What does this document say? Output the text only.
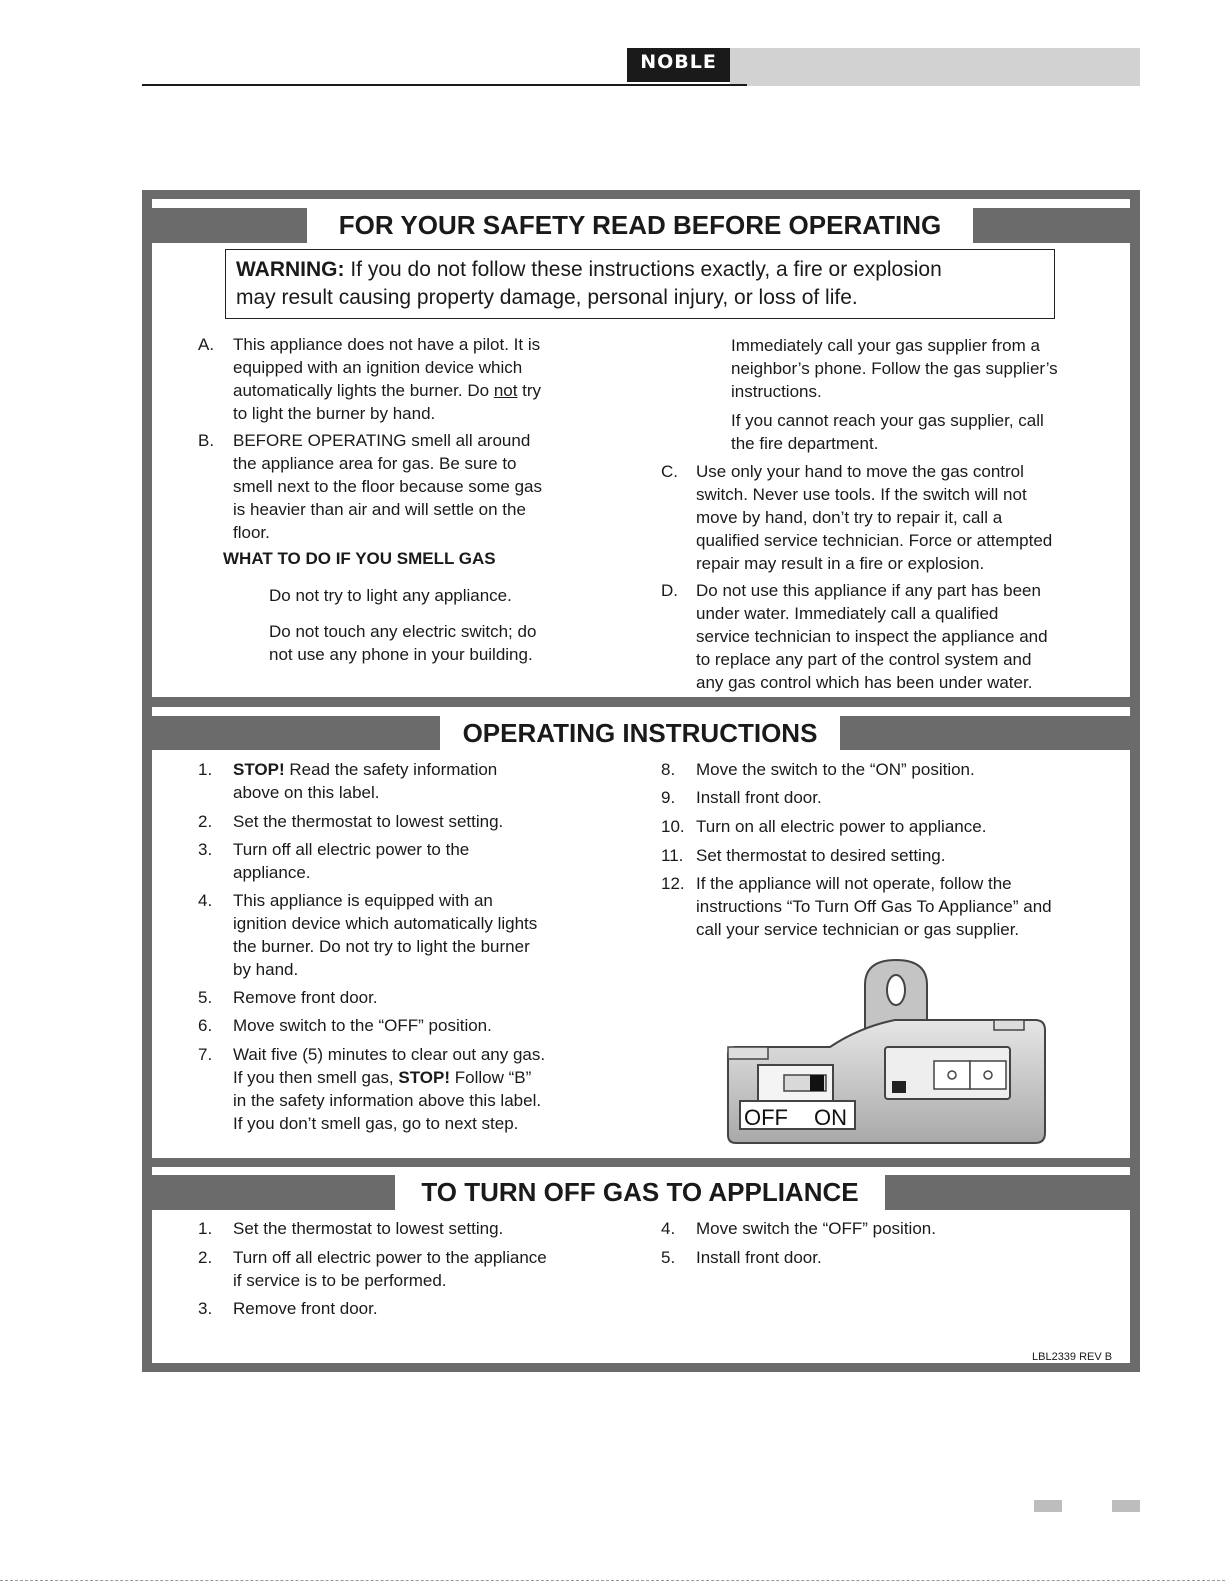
NOBLE
FOR YOUR SAFETY READ BEFORE OPERATING
WARNING: If you do not follow these instructions exactly, a fire or explosion
may result causing property damage, personal injury, or loss of life.
A. This appliance does not have a pilot. It is
equipped with an ignition device which
automatically lights the burner. Do not try
to light the burner by hand.
B. BEFORE OPERATING smell all around
the appliance area for gas. Be sure to
smell next to the floor because some gas
is heavier than air and will settle on the
floor.
WHAT TO DO IF YOU SMELL GAS
Do not try to light any appliance.
Do not touch any electric switch; do
not use any phone in your building.
Immediately call your gas supplier from a
neighbor’s phone. Follow the gas supplier’s
instructions.
If you cannot reach your gas supplier, call
the fire department.
C. Use only your hand to move the gas control
switch. Never use tools. If the switch will not
move by hand, don’t try to repair it, call a
qualified service technician. Force or attempted
repair may result in a fire or explosion.
D. Do not use this appliance if any part has been
under water. Immediately call a qualified
service technician to inspect the appliance and
to replace any part of the control system and
any gas control which has been under water.
OPERATING INSTRUCTIONS
1. STOP! Read the safety information
above on this label.
2. Set the thermostat to lowest setting.
3. Turn off all electric power to the
appliance.
4. This appliance is equipped with an
ignition device which automatically lights
the burner. Do not try to light the burner
by hand.
5. Remove front door.
6. Move switch to the “OFF” position.
7. Wait five (5) minutes to clear out any gas.
If you then smell gas, STOP! Follow “B”
in the safety information above this label.
If you don’t smell gas, go to next step.
8. Move the switch to the “ON” position.
9. Install front door.
10. Turn on all electric power to appliance.
11. Set thermostat to desired setting.
12. If the appliance will not operate, follow the
instructions “To Turn Off Gas To Appliance” and
call your service technician or gas supplier.
OFF ON
TO TURN OFF GAS TO APPLIANCE
1. Set the thermostat to lowest setting.
2. Turn off all electric power to the appliance
if service is to be performed.
3. Remove front door.
4. Move switch the “OFF” position.
5. Install front door.
LBL2339 REV B
